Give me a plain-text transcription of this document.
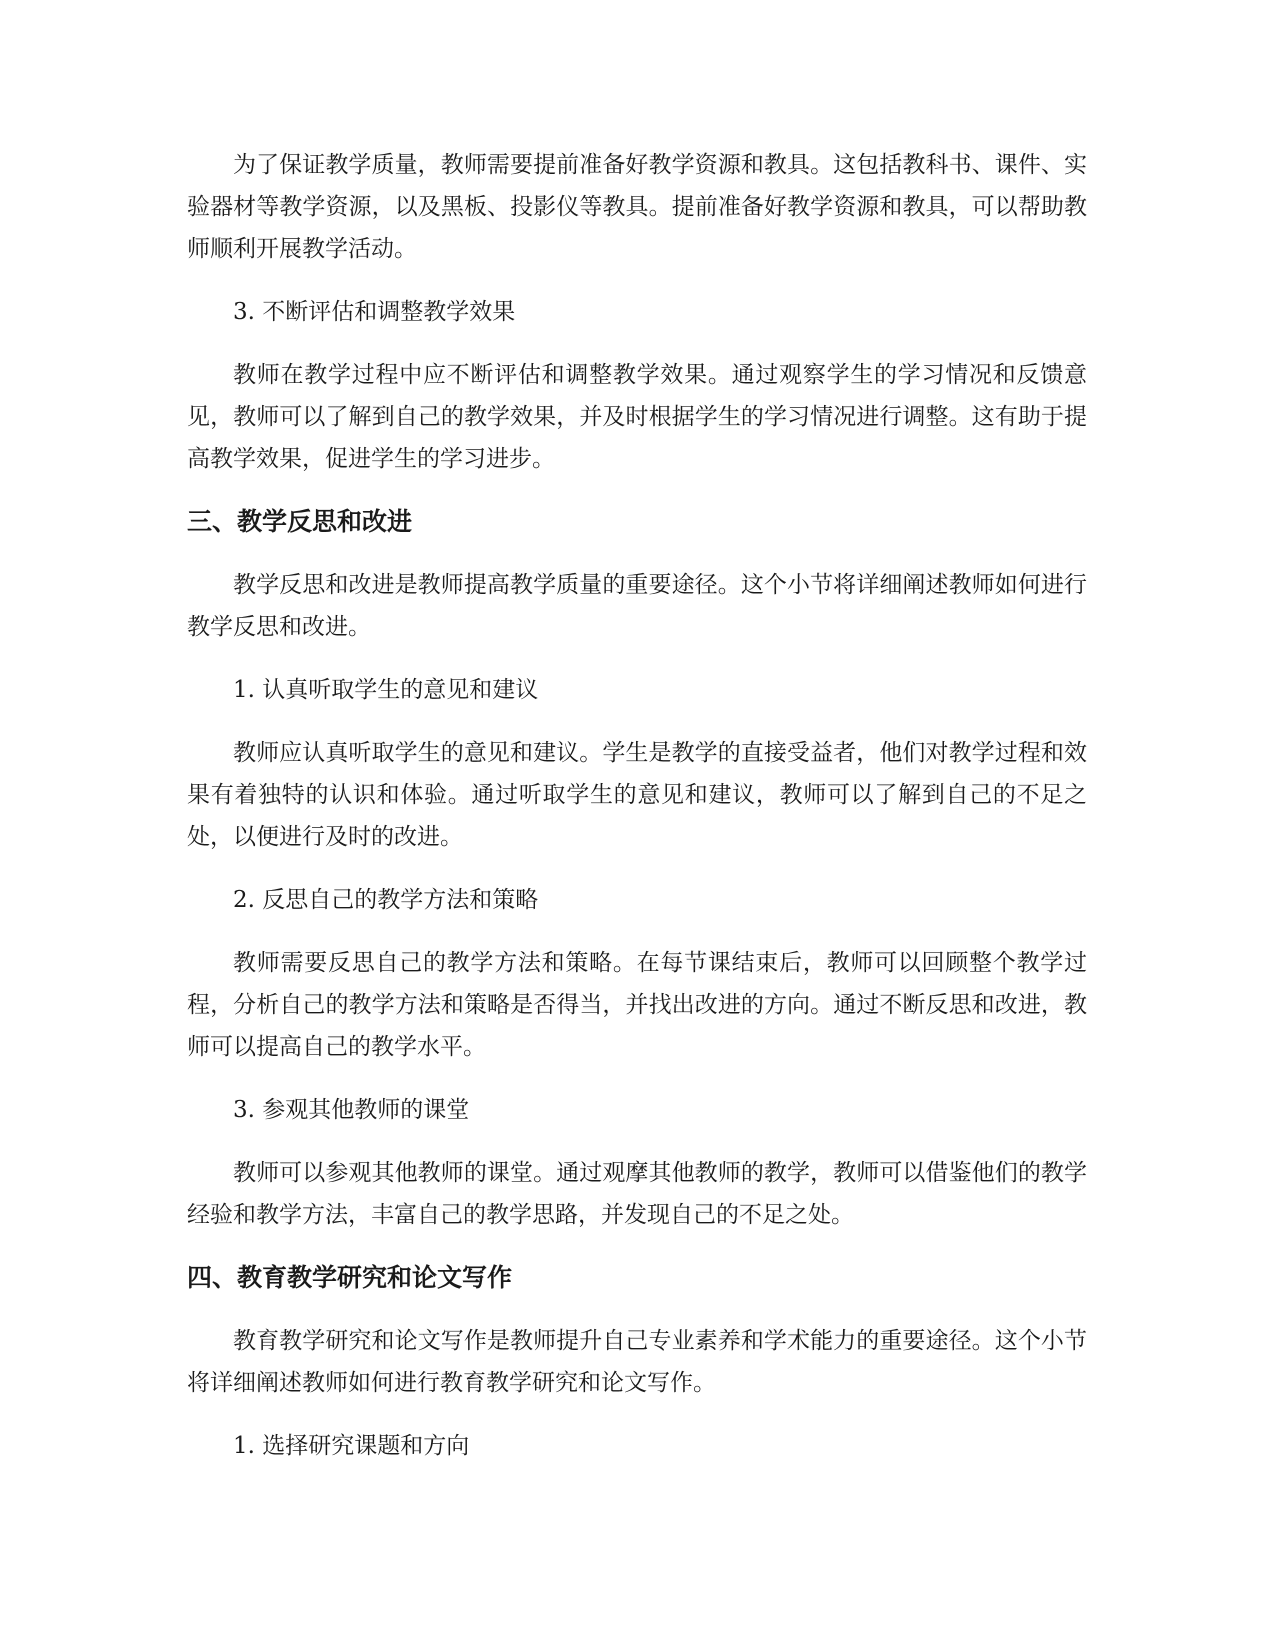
为了保证教学质量，教师需要提前准备好教学资源和教具。这包括教科书、课件、实验器材等教学资源，以及黑板、投影仪等教具。提前准备好教学资源和教具，可以帮助教师顺利开展教学活动。

3. 不断评估和调整教学效果

教师在教学过程中应不断评估和调整教学效果。通过观察学生的学习情况和反馈意见，教师可以了解到自己的教学效果，并及时根据学生的学习情况进行调整。这有助于提高教学效果，促进学生的学习进步。

三、教学反思和改进

教学反思和改进是教师提高教学质量的重要途径。这个小节将详细阐述教师如何进行教学反思和改进。

1. 认真听取学生的意见和建议

教师应认真听取学生的意见和建议。学生是教学的直接受益者，他们对教学过程和效果有着独特的认识和体验。通过听取学生的意见和建议，教师可以了解到自己的不足之处，以便进行及时的改进。

2. 反思自己的教学方法和策略

教师需要反思自己的教学方法和策略。在每节课结束后，教师可以回顾整个教学过程，分析自己的教学方法和策略是否得当，并找出改进的方向。通过不断反思和改进，教师可以提高自己的教学水平。

3. 参观其他教师的课堂

教师可以参观其他教师的课堂。通过观摩其他教师的教学，教师可以借鉴他们的教学经验和教学方法，丰富自己的教学思路，并发现自己的不足之处。

四、教育教学研究和论文写作

教育教学研究和论文写作是教师提升自己专业素养和学术能力的重要途径。这个小节将详细阐述教师如何进行教育教学研究和论文写作。

1. 选择研究课题和方向
